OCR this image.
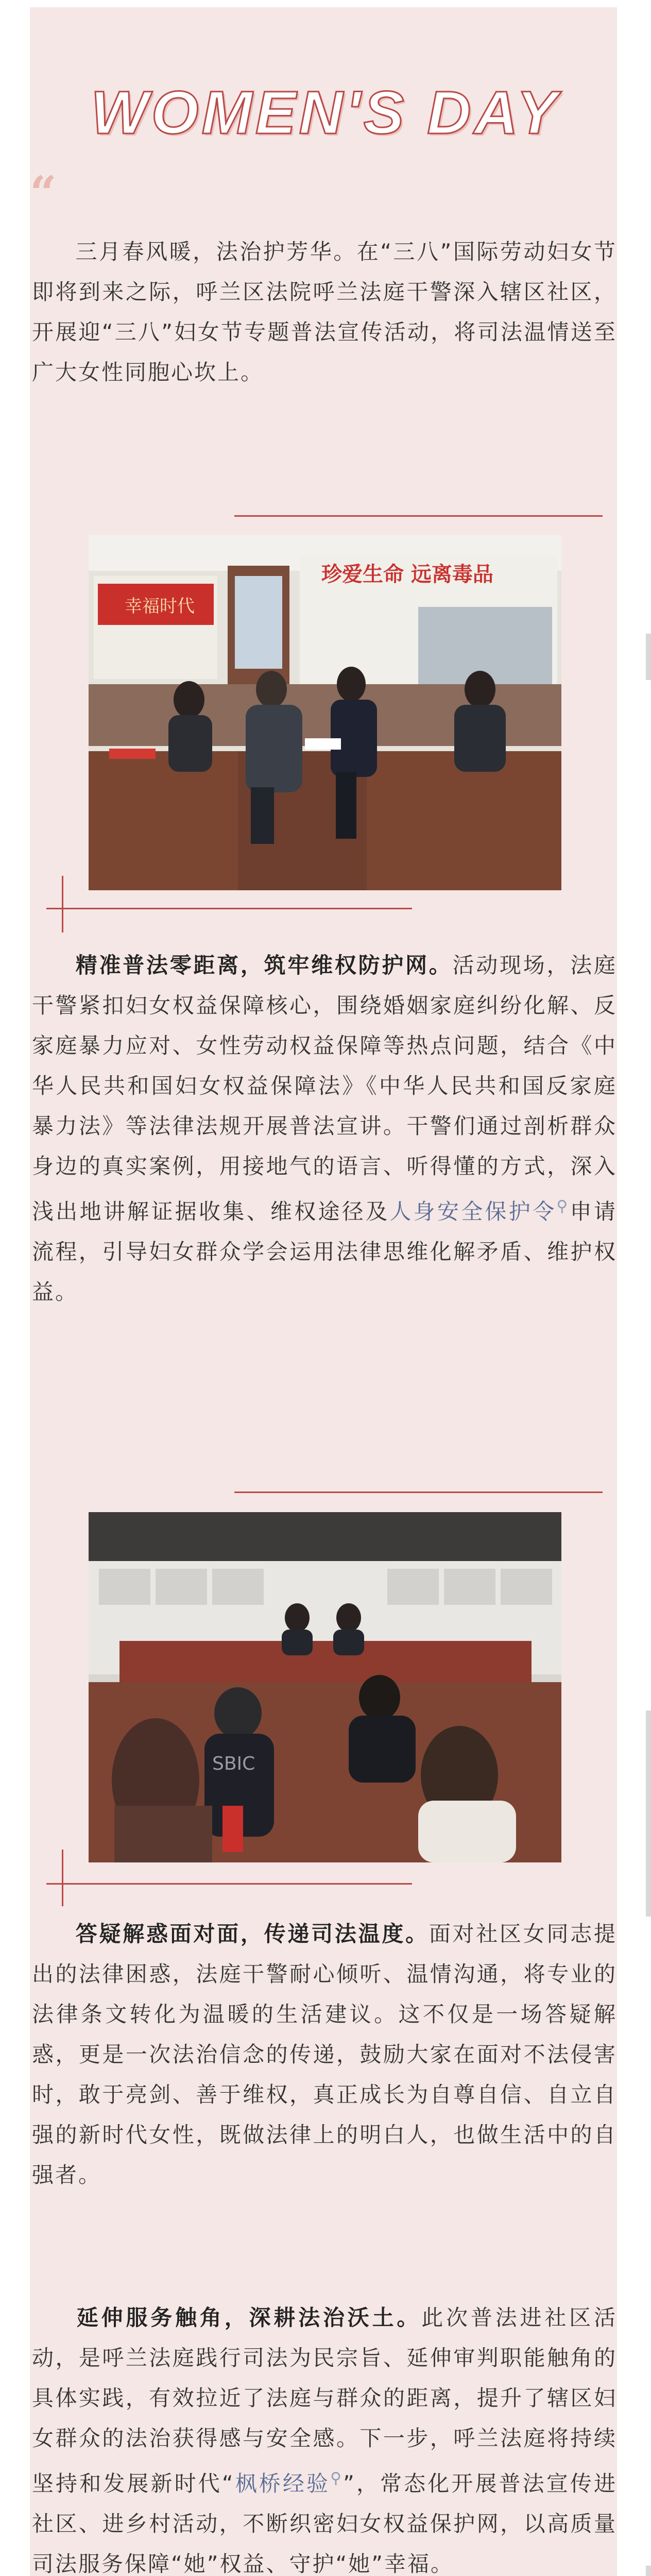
WOMEN'S DAY
“

三月春风暖，法治护芳华。在“三八”国际劳动妇女节即将到来之际，呼兰区法院呼兰法庭干警深入辖区社区，开展迎“三八”妇女节专题普法宣传活动，将司法温情送至广大女性同胞心坎上。

幸福时代
珍爱生命 远离毒品

精准普法零距离，筑牢维权防护网。活动现场，法庭干警紧扣妇女权益保障核心，围绕婚姻家庭纠纷化解、反家庭暴力应对、女性劳动权益保障等热点问题，结合《中华人民共和国妇女权益保障法》《中华人民共和国反家庭暴力法》等法律法规开展普法宣讲。干警们通过剖析群众身边的真实案例，用接地气的语言、听得懂的方式，深入浅出地讲解证据收集、维权途径及人身安全保护令⚲申请流程，引导妇女群众学会运用法律思维化解矛盾、维护权益。

SBIC

答疑解惑面对面，传递司法温度。面对社区女同志提出的法律困惑，法庭干警耐心倾听、温情沟通，将专业的法律条文转化为温暖的生活建议。这不仅是一场答疑解惑，更是一次法治信念的传递，鼓励大家在面对不法侵害时，敢于亮剑、善于维权，真正成长为自尊自信、自立自强的新时代女性，既做法律上的明白人，也做生活中的自强者。

延伸服务触角，深耕法治沃土。此次普法进社区活动，是呼兰法庭践行司法为民宗旨、延伸审判职能触角的具体实践，有效拉近了法庭与群众的距离，提升了辖区妇女群众的法治获得感与安全感。下一步，呼兰法庭将持续坚持和发展新时代“枫桥经验⚲”，常态化开展普法宣传进社区、进乡村活动，不断织密妇女权益保护网，以高质量司法服务保障“她”权益、守护“她”幸福。
